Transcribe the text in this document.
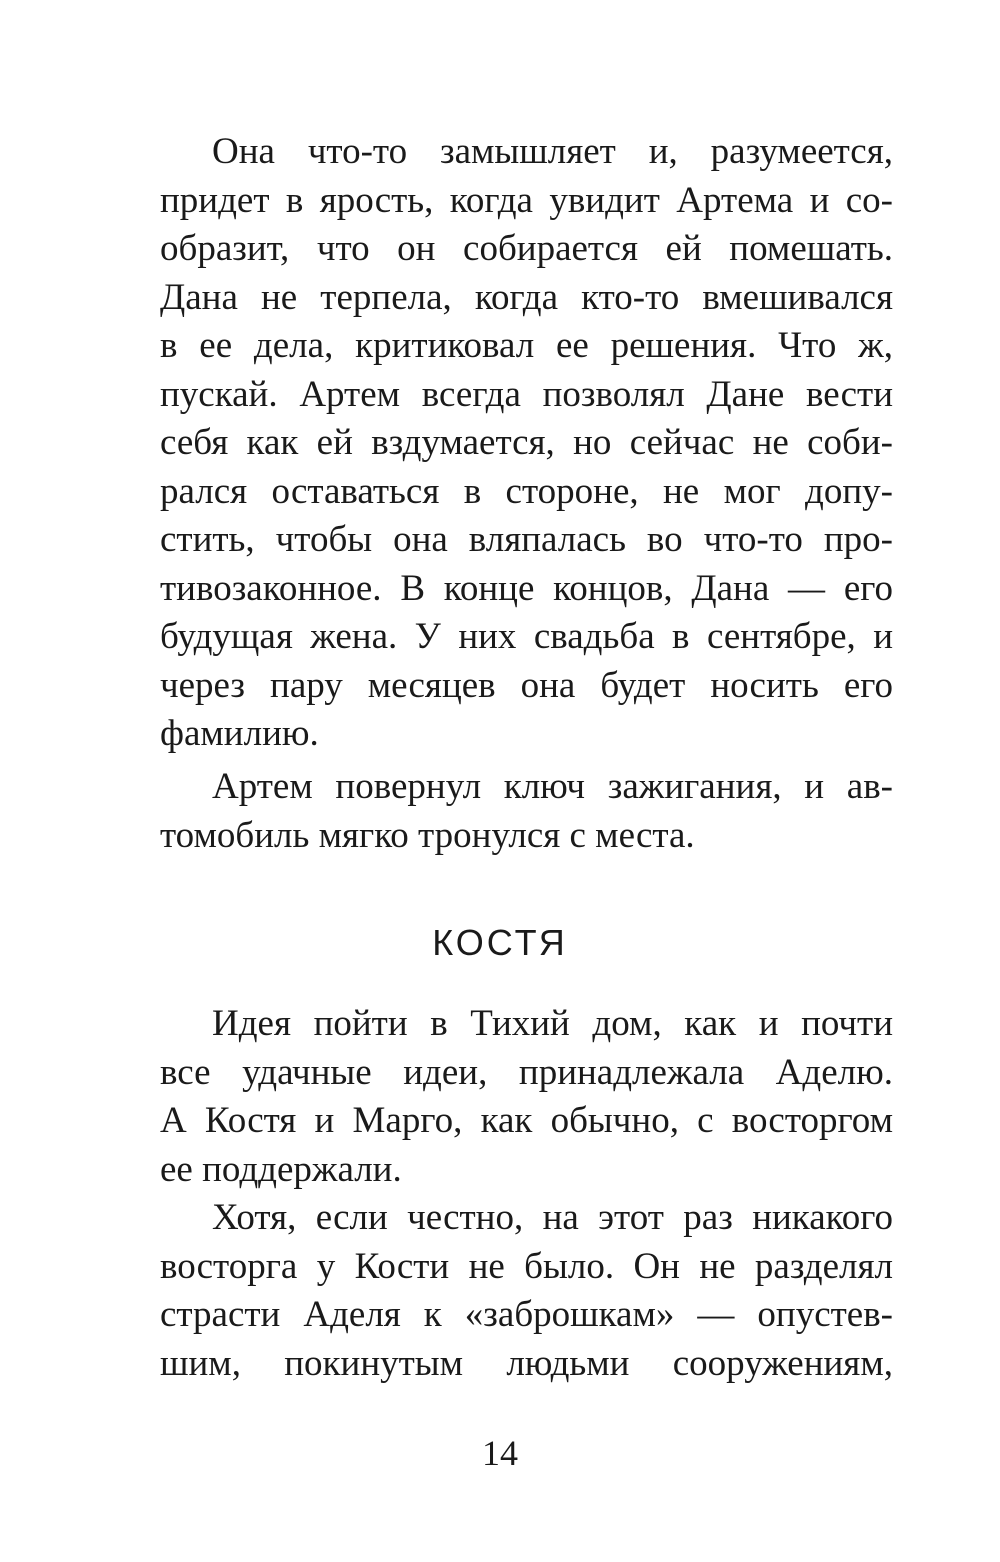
Она что-то замышляет и, разумеется,
придет в ярость, когда увидит Артема и со-
образит, что он собирается ей помешать.
Дана не терпела, когда кто-то вмешивался
в ее дела, критиковал ее решения. Что ж,
пускай. Артем всегда позволял Дане вести
себя как ей вздумается, но сейчас не соби-
рался оставаться в стороне, не мог допу-
стить, чтобы она вляпалась во что-то про-
тивозаконное. В конце концов, Дана — его
будущая жена. У них свадьба в сентябре, и
через пару месяцев она будет носить его
фамилию.
Артем повернул ключ зажигания, и ав-
томобиль мягко тронулся с места.
КОСТЯ
Идея пойти в Тихий дом, как и почти
все удачные идеи, принадлежала Аделю.
А Костя и Марго, как обычно, с восторгом
ее поддержали.
Хотя, если честно, на этот раз никакого
восторга у Кости не было. Он не разделял
страсти Аделя к «заброшкам» — опустев-
шим, покинутым людьми сооружениям,
14
